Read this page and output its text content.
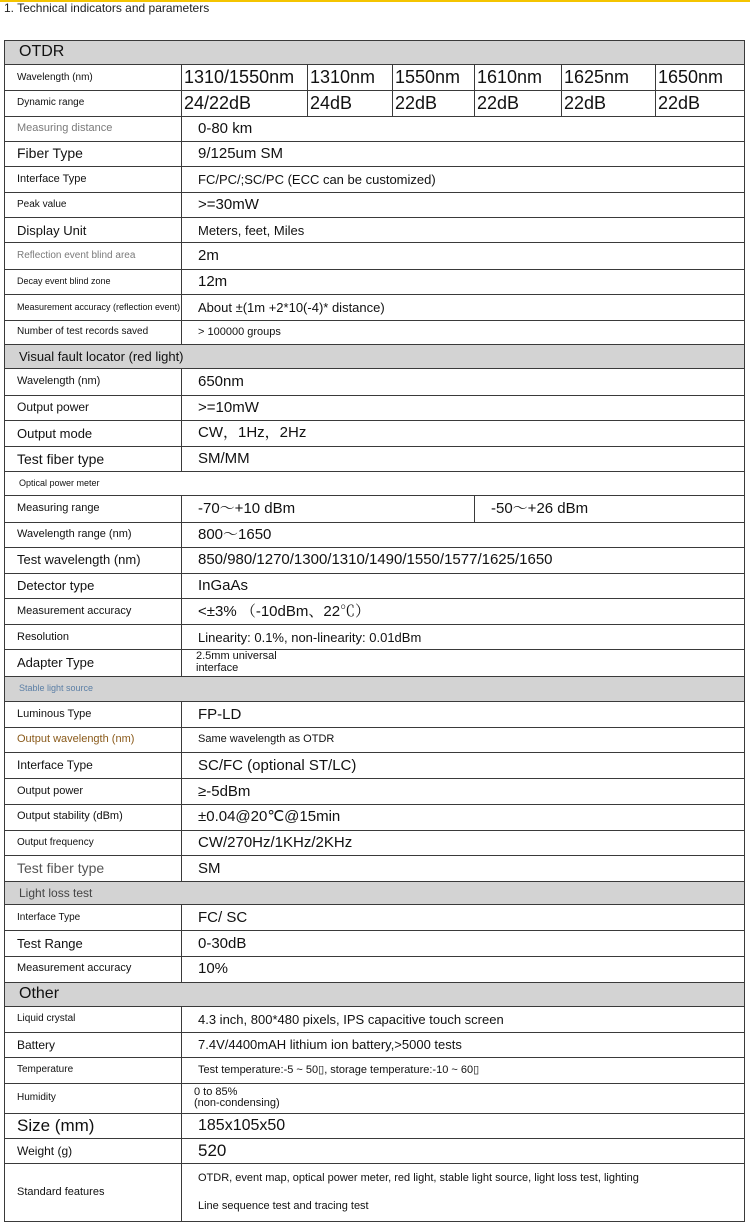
1. Technical indicators and parameters
OTDR						
Wavelength (nm)	1310/1550nm	1310nm	1550nm	1610nm	1625nm	1650nm
Dynamic range	24/22dB	24dB	22dB	22dB	22dB	22dB
Measuring distance	0-80 km					
Fiber Type	9/125um SM					
Interface Type	FC/PC/;SC/PC (ECC can be customized)					
Peak value	>=30mW					
Display Unit	Meters, feet, Miles					
Reflection event blind area	2m					
Decay event blind zone	12m					
Measurement accuracy (reflection event)	About ±(1m +2*10(-4)* distance)					
Number of test records saved	> 100000 groups					
Visual fault locator (red light)						
Wavelength (nm)	650nm					
Output power	>=10mW					
Output mode	CW，1Hz，2Hz					
Test fiber type	SM/MM					
Optical power meter						
Measuring range	-70～+10 dBm			-50～+26 dBm		
Wavelength range (nm)	800～1650					
Test wavelength (nm)	850/980/1270/1300/1310/1490/1550/1577/1625/1650					
Detector type	InGaAs					
Measurement accuracy	<±3% （-10dBm、22℃）					
Resolution	Linearity: 0.1%, non-linearity: 0.01dBm					
Adapter Type	2.5mm universal
interface					
Stable light source						
Luminous Type	FP-LD					
Output wavelength (nm)	Same wavelength as OTDR					
Interface Type	SC/FC (optional ST/LC)					
Output power	≥-5dBm					
Output stability (dBm)	±0.04@20℃@15min					
Output frequency	CW/270Hz/1KHz/2KHz					
Test fiber type	SM					
Light loss test						
Interface Type	FC/ SC					
Test Range	0-30dB					
Measurement accuracy	10%					
Other						
Liquid crystal	4.3 inch, 800*480 pixels, IPS capacitive touch screen					
Battery	7.4V/4400mAH lithium ion battery,>5000 tests					
Temperature	Test temperature:-5 ~ 50▯, storage temperature:-10 ~ 60▯					
Humidity	0 to 85%
(non-condensing)					
Size (mm)	185x105x50					
Weight (g)	520					
Standard features	OTDR, event map, optical power meter, red light, stable light source, light loss test, lighting
Line sequence test and tracing test					
